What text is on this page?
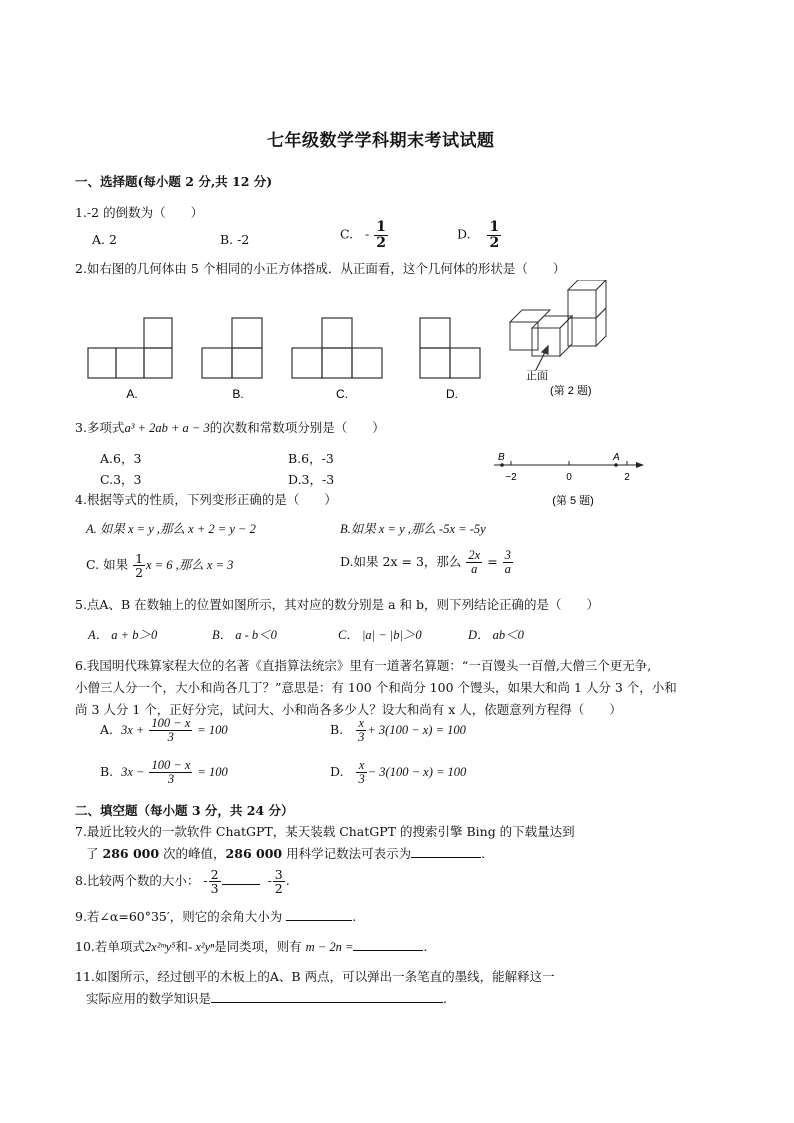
七年级数学学科期末考试试题
一、选择题(每小题 2 分,共 12 分)
1.-2 的倒数为（　　）
A. 2	B. -2	C. - $\frac{1}{2}$	D. $\frac{1}{2}$
2.如右图的几何体由 5 个相同的小正方体搭成．从正面看，这个几何体的形状是（　　）
A.	B.	C.	D.
正面
(第 2 题)
3.多项式a³ + 2ab + a − 3的次数和常数项分别是（　　）
A.6，3	B.6，-3
C.3，3	D.3，-3
B	A
−2	0	2
(第 5 题)
4.根据等式的性质，下列变形正确的是（　　）
A. 如果 x = y ,那么 x + 2 = y − 2	B.如果 x = y ,那么 -5x = -5y
C. 如果 $\frac{1}{2}$ x = 6 ,那么 x = 3	D.如果 2x = 3，那么 $\frac{2x}{a} = \frac{3}{a}$
5.点A、B 在数轴上的位置如图所示，其对应的数分别是 a 和 b，则下列结论正确的是（　　）
A． a + b＞0	B． a - b＜0	C． |a| − |b|＞0	D． ab＜0
6.我国明代珠算家程大位的名著《直指算法统宗》里有一道著名算题：“一百馒头一百僧,大僧三个更无争,
小僧三人分一个，大小和尚各几丁？”意思是：有 100 个和尚分 100 个馒头，如果大和尚 1 人分 3 个，小和
尚 3 人分 1 个，正好分完，试问大、小和尚各多少人？设大和尚有 x 人，依题意列方程得（　　）
A. $3x + \frac{100 - x}{3} = 100$	B. $\frac{x}{3} + 3(100 - x) = 100$
B. $3x - \frac{100 - x}{3} = 100$	D. $\frac{x}{3} - 3(100 - x) = 100$
二、填空题（每小题 3 分，共 24 分）
7.最近比较火的一款软件 ChatGPT，某天装载 ChatGPT 的搜索引擎 Bing 的下载量达到
了 286 000 次的峰值，286 000 用科学记数法可表示为	.
8.比较两个数的大小： - $\frac{2}{3}$	- $\frac{3}{2}$ .
9.若∠α=60°35′，则它的余角大小为	.
10.若单项式2x²ᵐy⁵和- x²yⁿ是同类项，则有 m − 2n =	.
11.如图所示，经过刨平的木板上的A、B 两点，可以弹出一条笔直的墨线，能解释这一
实际应用的数学知识是	.
